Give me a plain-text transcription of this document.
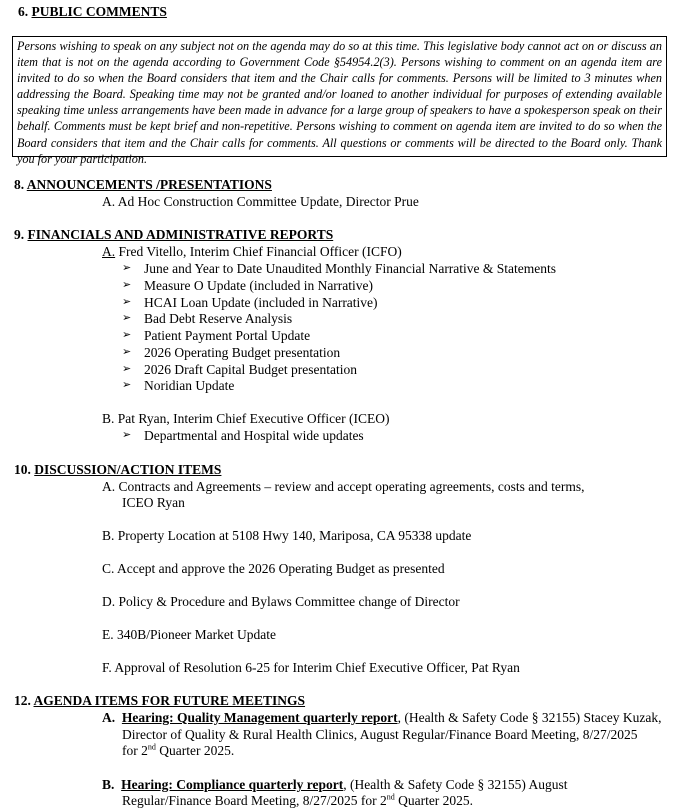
6. PUBLIC COMMENTS

Persons wishing to speak on any subject not on the agenda may do so at this time. This legislative body cannot act on or discuss an item that is not on the agenda according to Government Code §54954.2(3). Persons wishing to comment on an agenda item are invited to do so when the Board considers that item and the Chair calls for comments. Persons will be limited to 3 minutes when addressing the Board. Speaking time may not be granted and/or loaned to another individual for purposes of extending available speaking time unless arrangements have been made in advance for a large group of speakers to have a spokesperson speak on their behalf. Comments must be kept brief and non-repetitive. Persons wishing to comment on agenda item are invited to do so when the Board considers that item and the Chair calls for comments. All questions or comments will be directed to the Board only. Thank you for your participation.

8. ANNOUNCEMENTS /PRESENTATIONS
A. Ad Hoc Construction Committee Update, Director Prue
9. FINANCIALS AND ADMINISTRATIVE REPORTS
A. Fred Vitello, Interim Chief Financial Officer (ICFO)
➢ June and Year to Date Unaudited Monthly Financial Narrative & Statements
➢ Measure O Update (included in Narrative)
➢ HCAI Loan Update (included in Narrative)
➢ Bad Debt Reserve Analysis
➢ Patient Payment Portal Update
➢ 2026 Operating Budget presentation
➢ 2026 Draft Capital Budget presentation
➢ Noridian Update
B. Pat Ryan, Interim Chief Executive Officer (ICEO)
➢ Departmental and Hospital wide updates
10. DISCUSSION/ACTION ITEMS
A. Contracts and Agreements – review and accept operating agreements, costs and terms,
ICEO Ryan
B. Property Location at 5108 Hwy 140, Mariposa, CA 95338 update
C. Accept and approve the 2026 Operating Budget as presented
D. Policy & Procedure and Bylaws Committee change of Director
E. 340B/Pioneer Market Update
F. Approval of Resolution 6-25 for Interim Chief Executive Officer, Pat Ryan
12. AGENDA ITEMS FOR FUTURE MEETINGS
A. Hearing: Quality Management quarterly report, (Health & Safety Code § 32155) Stacey Kuzak,
Director of Quality & Rural Health Clinics, August Regular/Finance Board Meeting, 8/27/2025
for 2nd Quarter 2025.
B. Hearing: Compliance quarterly report, (Health & Safety Code § 32155) August
Regular/Finance Board Meeting, 8/27/2025 for 2nd Quarter 2025.
